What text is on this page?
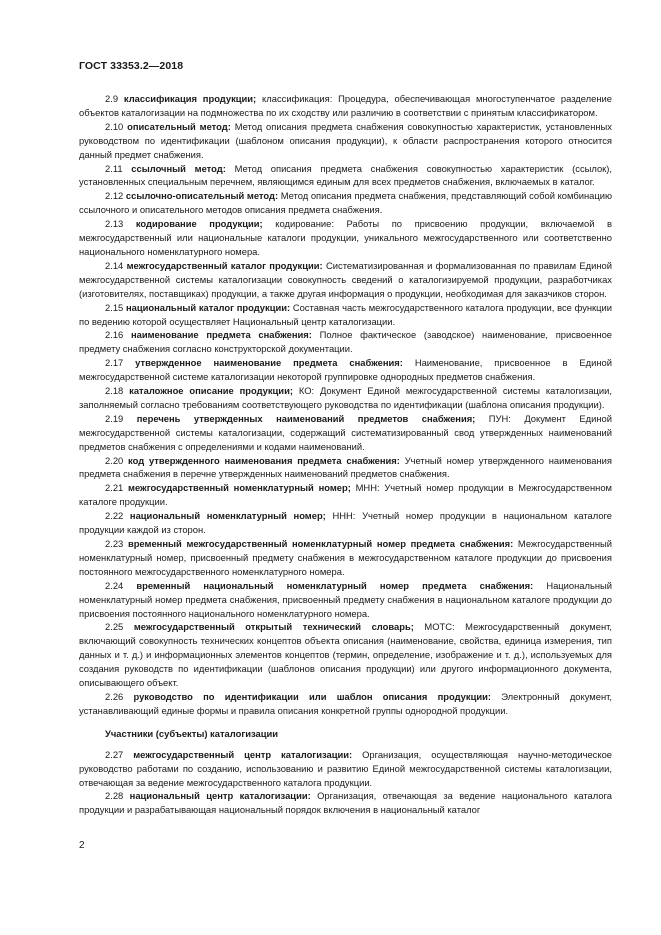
ГОСТ 33353.2—2018

2.9 классификация продукции; классификация: Процедура, обеспечивающая многоступенчатое разделение объектов каталогизации на подмножества по их сходству или различию в соответствии с принятым классификатором.

2.10 описательный метод: Метод описания предмета снабжения совокупностью характеристик, установленных руководством по идентификации (шаблоном описания продукции), к области распространения которого относится данный предмет снабжения.

2.11 ссылочный метод: Метод описания предмета снабжения совокупностью характеристик (ссылок), установленных специальным перечнем, являющимся единым для всех предметов снабжения, включаемых в каталог.

2.12 ссылочно-описательный метод: Метод описания предмета снабжения, представляющий собой комбинацию ссылочного и описательного методов описания предмета снабжения.

2.13 кодирование продукции; кодирование: Работы по присвоению продукции, включаемой в межгосударственный или национальные каталоги продукции, уникального межгосударственного или соответственно национального номенклатурного номера.

2.14 межгосударственный каталог продукции: Систематизированная и формализованная по правилам Единой межгосударственной системы каталогизации совокупность сведений о каталогизируемой продукции, разработчиках (изготовителях, поставщиках) продукции, а также другая информация о продукции, необходимая для заказчиков сторон.

2.15 национальный каталог продукции: Составная часть межгосударственного каталога продукции, все функции по ведению которой осуществляет Национальный центр каталогизации.

2.16 наименование предмета снабжения: Полное фактическое (заводское) наименование, присвоенное предмету снабжения согласно конструкторской документации.

2.17 утвержденное наименование предмета снабжения: Наименование, присвоенное в Единой межгосударственной системе каталогизации некоторой группировке однородных предметов снабжения.

2.18 каталожное описание продукции; КО: Документ Единой межгосударственной системы каталогизации, заполняемый согласно требованиям соответствующего руководства по идентификации (шаблона описания продукции).

2.19 перечень утвержденных наименований предметов снабжения; ПУН: Документ Единой межгосударственной системы каталогизации, содержащий систематизированный свод утвержденных наименований предметов снабжения с определениями и кодами наименований.

2.20 код утвержденного наименования предмета снабжения: Учетный номер утвержденного наименования предмета снабжения в перечне утвержденных наименований предметов снабжения.

2.21 межгосударственный номенклатурный номер; МНН: Учетный номер продукции в Межгосударственном каталоге продукции.

2.22 национальный номенклатурный номер; ННН: Учетный номер продукции в национальном каталоге продукции каждой из сторон.

2.23 временный межгосударственный номенклатурный номер предмета снабжения: Межгосударственный номенклатурный номер, присвоенный предмету снабжения в межгосударственном каталоге продукции до присвоения постоянного межгосударственного номенклатурного номера.

2.24 временный национальный номенклатурный номер предмета снабжения: Национальный номенклатурный номер предмета снабжения, присвоенный предмету снабжения в национальном каталоге продукции до присвоения постоянного национального номенклатурного номера.

2.25 межгосударственный открытый технический словарь; МОТС: Межгосударственный документ, включающий совокупность технических концептов объекта описания (наименование, свойства, единица измерения, тип данных и т. д.) и информационных элементов концептов (термин, определение, изображение и т. д.), используемых для создания руководств по идентификации (шаблонов описания продукции) или другого информационного документа, описывающего объект.

2.26 руководство по идентификации или шаблон описания продукции: Электронный документ, устанавливающий единые формы и правила описания конкретной группы однородной продукции.

Участники (субъекты) каталогизации

2.27 межгосударственный центр каталогизации: Организация, осуществляющая научно-методическое руководство работами по созданию, использованию и развитию Единой межгосударственной системы каталогизации, отвечающая за ведение межгосударственного каталога продукции.

2.28 национальный центр каталогизации: Организация, отвечающая за ведение национального каталога продукции и разрабатывающая национальный порядок включения в национальный каталог

2
